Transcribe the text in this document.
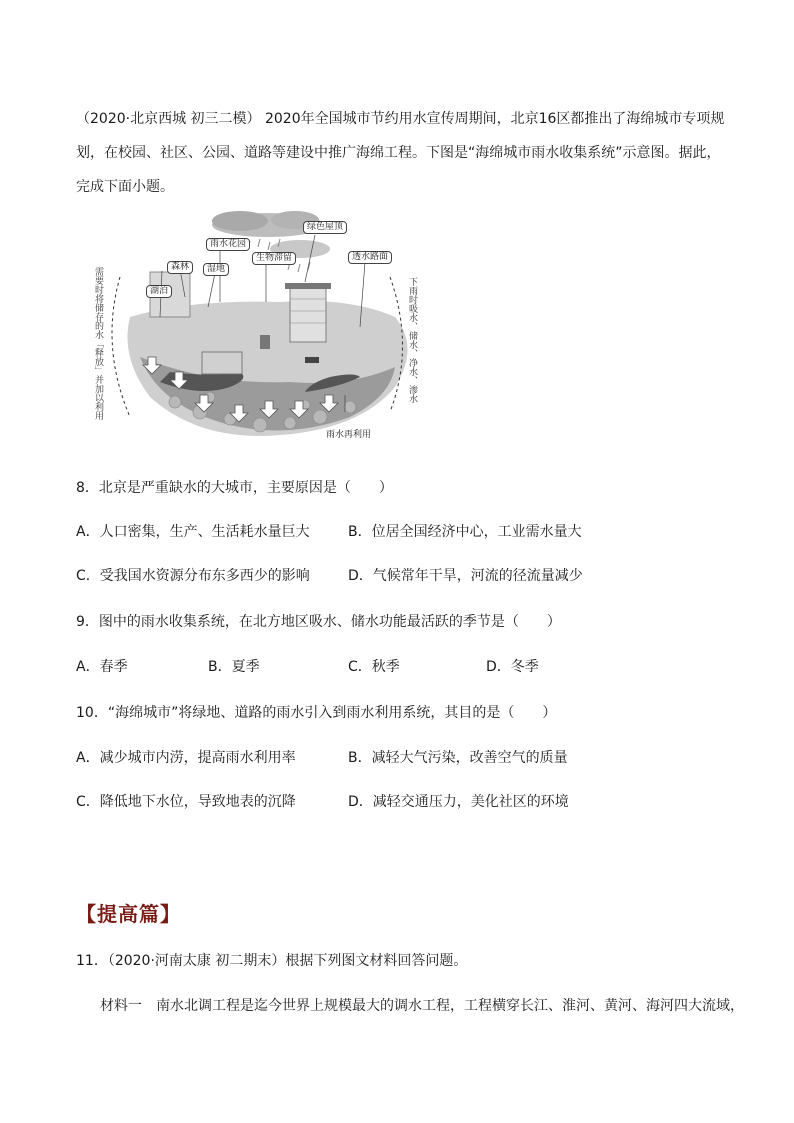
（2020·北京西城 初三二模） 2020年全国城市节约用水宣传周期间，北京16区都推出了海绵城市专项规划，在校园、社区、公园、道路等建设中推广海绵工程。下图是“海绵城市雨水收集系统”示意图。据此，完成下面小题。
绿色屋顶
雨水花园
生物滞留
森林	湿地
湖泊
透水路面
雨水再利用
需要时将储存的水「释放」并加以利用	下雨时吸水、储水、净水、渗水
8．北京是严重缺水的大城市，主要原因是（　　）
A．人口密集，生产、生活耗水量巨大	B．位居全国经济中心，工业需水量大
C．受我国水资源分布东多西少的影响	D．气候常年干旱，河流的径流量减少
9．图中的雨水收集系统，在北方地区吸水、储水功能最活跃的季节是（　　）
A．春季	B．夏季	C．秋季	D．冬季
10．“海绵城市”将绿地、道路的雨水引入到雨水利用系统，其目的是（　　）
A．减少城市内涝，提高雨水利用率	B．减轻大气污染，改善空气的质量
C．降低地下水位，导致地表的沉降	D．减轻交通压力，美化社区的环境
【提高篇】
11．（2020·河南太康 初二期末）根据下列图文材料回答问题。
材料一　南水北调工程是迄今世界上规模最大的调水工程，工程横穿长江、淮河、黄河、海河四大流域，
